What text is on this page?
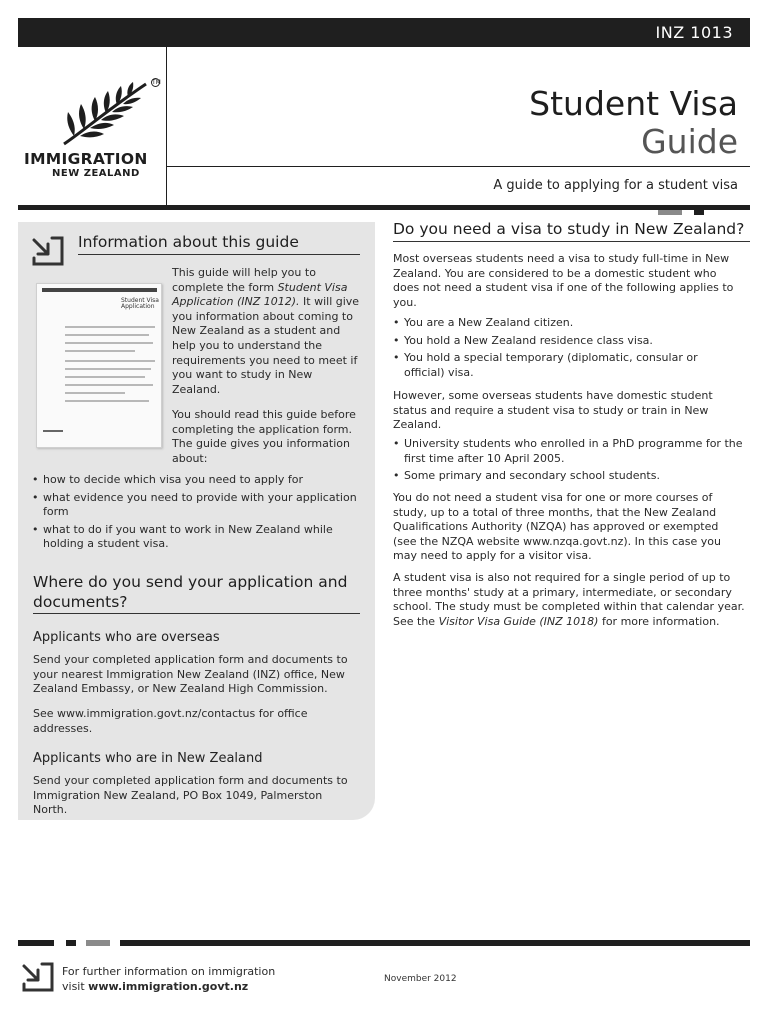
INZ 1013
TM
IMMIGRATION
NEW ZEALAND
Student Visa
Guide
A guide to applying for a student visa
Information about this guide
Student Visa Application
This guide will help you to complete the form Student Visa Application (INZ 1012). It will give you information about coming to New Zealand as a student and help you to understand the requirements you need to meet if you want to study in New Zealand.
You should read this guide before completing the application form. The guide gives you information about:
• how to decide which visa you need to apply for
• what evidence you need to provide with your application form
• what to do if you want to work in New Zealand while holding a student visa.
Where do you send your application and documents?
Applicants who are overseas
Send your completed application form and documents to your nearest Immigration New Zealand (INZ) office, New Zealand Embassy, or New Zealand High Commission.
See www.immigration.govt.nz/contactus for office addresses.
Applicants who are in New Zealand
Send your completed application form and documents to Immigration New Zealand, PO Box 1049, Palmerston North.
Do you need a visa to study in New Zealand?
Most overseas students need a visa to study full-time in New Zealand. You are considered to be a domestic student who does not need a student visa if one of the following applies to you.
• You are a New Zealand citizen.
• You hold a New Zealand residence class visa.
• You hold a special temporary (diplomatic, consular or official) visa.
However, some overseas students have domestic student status and require a student visa to study or train in New Zealand.
• University students who enrolled in a PhD programme for the first time after 10 April 2005.
• Some primary and secondary school students.
You do not need a student visa for one or more courses of study, up to a total of three months, that the New Zealand Qualifications Authority (NZQA) has approved or exempted (see the NZQA website www.nzqa.govt.nz). In this case you may need to apply for a visitor visa.
A student visa is also not required for a single period of up to three months' study at a primary, intermediate, or secondary school. The study must be completed within that calendar year. See the Visitor Visa Guide (INZ 1018) for more information.
For further information on immigration
visit www.immigration.govt.nz
November 2012
